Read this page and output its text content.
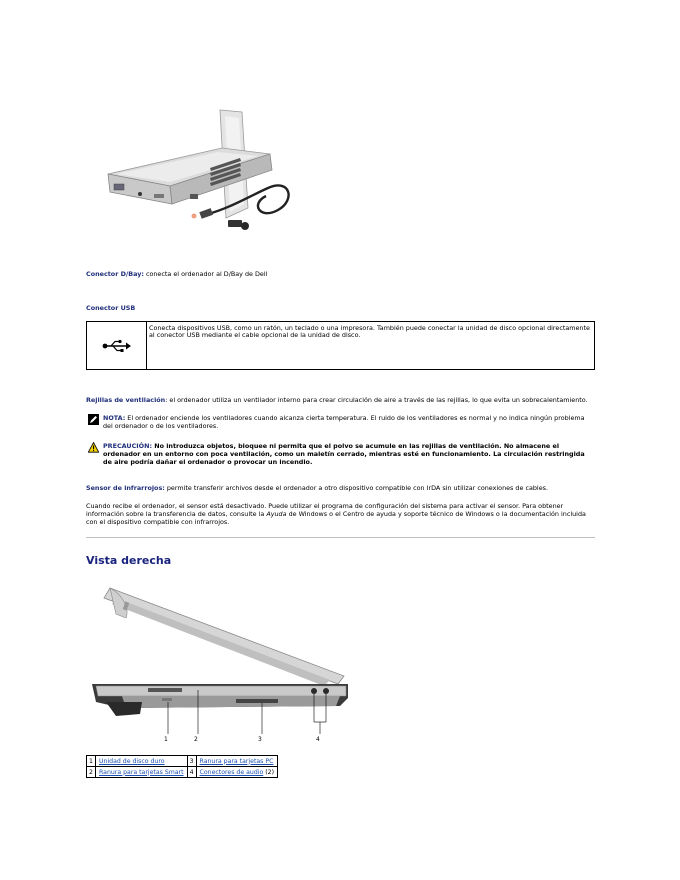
Conector D/Bay: conecta el ordenador al D/Bay de Dell
Conector USB
Conecta dispositivos USB, como un ratón, un teclado o una impresora. También puede conectar la unidad de disco opcional directamente al conector USB mediante el cable opcional de la unidad de disco.
Rejillas de ventilación: el ordenador utiliza un ventilador interno para crear circulación de aire a través de las rejillas, lo que evita un sobrecalentamiento.
NOTA: El ordenador enciende los ventiladores cuando alcanza cierta temperatura. El ruido de los ventiladores es normal y no indica ningún problema del ordenador o de los ventiladores.
PRECAUCIÓN: No introduzca objetos, bloquee ni permita que el polvo se acumule en las rejillas de ventilación. No almacene el ordenador en un entorno con poca ventilación, como un maletín cerrado, mientras esté en funcionamiento. La circulación restringida de aire podría dañar el ordenador o provocar un incendio.
Sensor de infrarrojos: permite transferir archivos desde el ordenador a otro dispositivo compatible con IrDA sin utilizar conexiones de cables.
Cuando recibe el ordenador, el sensor está desactivado. Puede utilizar el programa de configuración del sistema para activar el sensor. Para obtener información sobre la transferencia de datos, consulte la Ayuda de Windows o el Centro de ayuda y soporte técnico de Windows o la documentación incluida con el dispositivo compatible con infrarrojos.
Vista derecha
1	2	3	4
1	Unidad de disco duro	3	Ranura para tarjetas PC
2	Ranura para tarjetas Smart	4	Conectores de audio (2)
